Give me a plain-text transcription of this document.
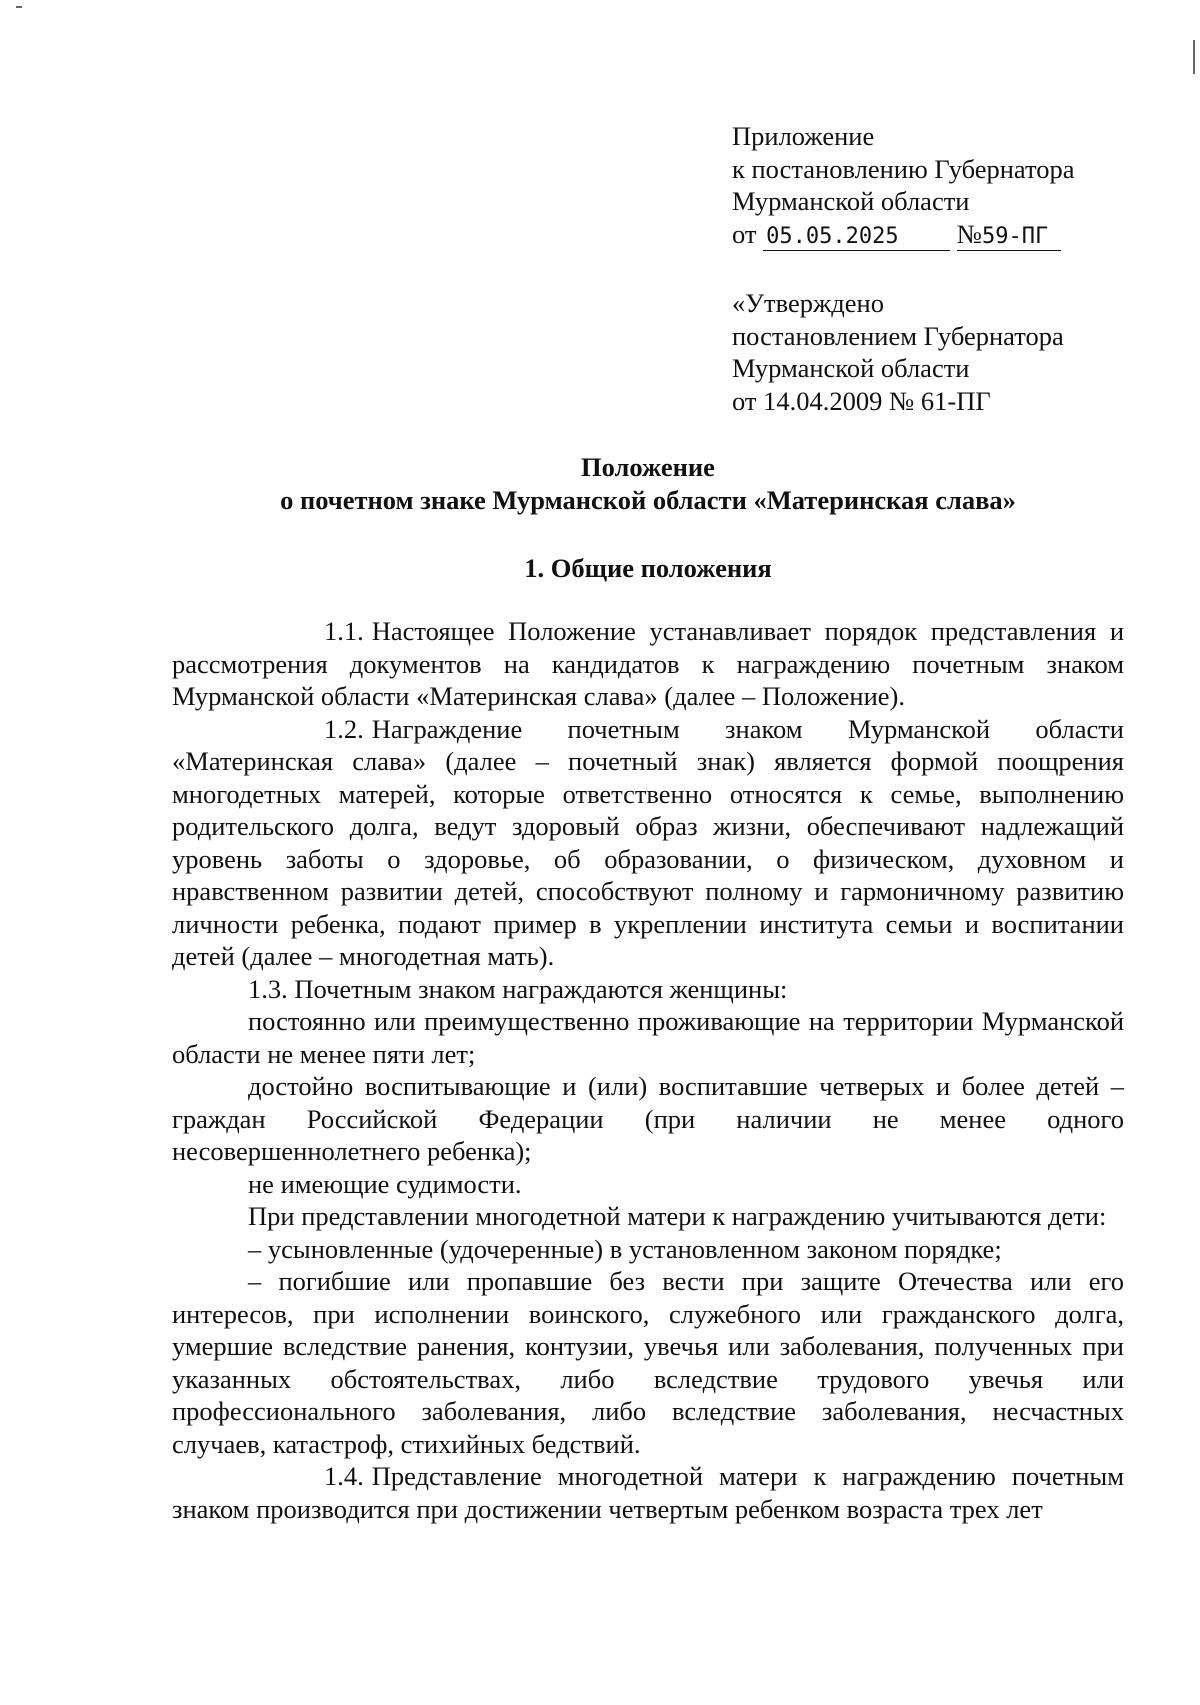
Приложение
к постановлению Губернатора
Мурманской области
от 05.05.2025 №59-ПГ
«Утверждено
постановлением Губернатора
Мурманской области
от 14.04.2009 № 61-ПГ
Положение
о почетном знаке Мурманской области «Материнская слава»
1. Общие положения

1.1. Настоящее Положение устанавливает порядок представления и рассмотрения документов на кандидатов к награждению почетным знаком Мурманской области «Материнская слава» (далее – Положение).

1.2. Награждение почетным знаком Мурманской области «Материнская слава» (далее – почетный знак) является формой поощрения многодетных матерей, которые ответственно относятся к семье, выполнению родительского долга, ведут здоровый образ жизни, обеспечивают надлежащий уровень заботы о здоровье, об образовании, о физическом, духовном и нравственном развитии детей, способствуют полному и гармоничному развитию личности ребенка, подают пример в укреплении института семьи и воспитании детей (далее – многодетная мать).

1.3. Почетным знаком награждаются женщины:

постоянно или преимущественно проживающие на территории Мурманской области не менее пяти лет;

достойно воспитывающие и (или) воспитавшие четверых и более детей – граждан Российской Федерации (при наличии не менее одного несовершеннолетнего ребенка);

не имеющие судимости.

При представлении многодетной матери к награждению учитываются дети:

– усыновленные (удочеренные) в установленном законом порядке;

– погибшие или пропавшие без вести при защите Отечества или его интересов, при исполнении воинского, служебного или гражданского долга, умершие вследствие ранения, контузии, увечья или заболевания, полученных при указанных обстоятельствах, либо вследствие трудового увечья или профессионального заболевания, либо вследствие заболевания, несчастных случаев, катастроф, стихийных бедствий.

1.4. Представление многодетной матери к награждению почетным знаком производится при достижении четвертым ребенком возраста трех лет
